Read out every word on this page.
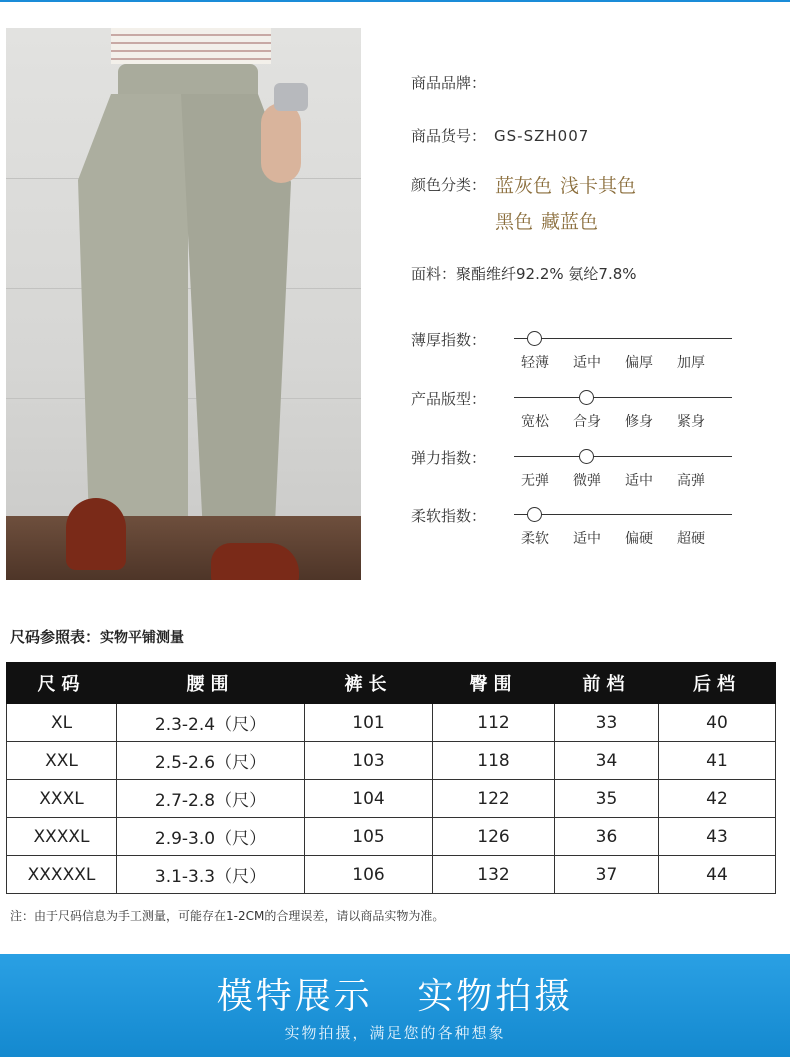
商品品牌：
商品货号： GS-SZH007
颜色分类： 蓝灰色 浅卡其色
黑色 藏蓝色
面料：聚酯维纤92.2% 氨纶7.8%
薄厚指数：
轻薄 适中 偏厚 加厚
产品版型：
宽松 合身 修身 紧身
弹力指数：
无弹 微弹 适中 高弹
柔软指数：
柔软 适中 偏硬 超硬
尺码参照表：实物平铺测量
尺码	腰围	裤长	臀围	前档	后档
XL	2.3-2.4（尺）	101	112	33	40
XXL	2.5-2.6（尺）	103	118	34	41
XXXL	2.7-2.8（尺）	104	122	35	42
XXXXL	2.9-3.0（尺）	105	126	36	43
XXXXXL	3.1-3.3（尺）	106	132	37	44
注：由于尺码信息为手工测量，可能存在1-2CM的合理误差，请以商品实物为准。
模特展示 实物拍摄
实物拍摄，满足您的各种想象
